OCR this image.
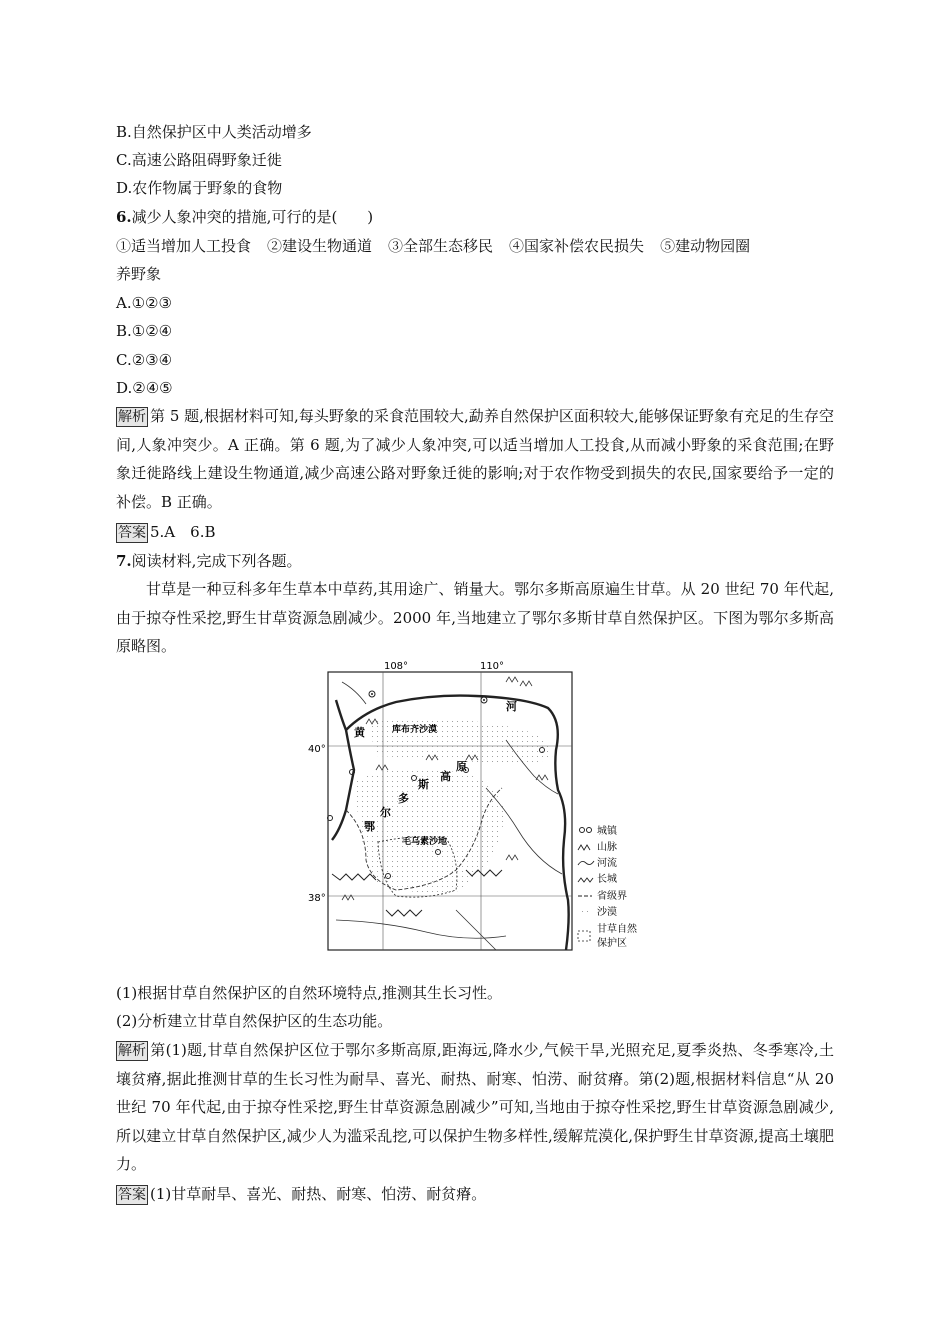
B.自然保护区中人类活动增多
C.高速公路阻碍野象迁徙
D.农作物属于野象的食物
6.减少人象冲突的措施,可行的是(　　)
①适当增加人工投食 ②建设生物通道 ③全部生态移民 ④国家补偿农民损失 ⑤建动物园圈
养野象
A.①②③
B.①②④
C.②③④
D.②④⑤
解析 第 5 题,根据材料可知,每头野象的采食范围较大,勐养自然保护区面积较大,能够保证野象有充足的生存空间,人象冲突少。A 正确。第 6 题,为了减少人象冲突,可以适当增加人工投食,从而减小野象的采食范围;在野象迁徙路线上建设生物通道,减少高速公路对野象迁徙的影响;对于农作物受到损失的农民,国家要给予一定的补偿。B 正确。
答案 5.A　6.B
7.阅读材料,完成下列各题。
甘草是一种豆科多年生草本中草药,其用途广、销量大。鄂尔多斯高原遍生甘草。从 20 世纪 70 年代起,由于掠夺性采挖,野生甘草资源急剧减少。2000 年,当地建立了鄂尔多斯甘草自然保护区。下图为鄂尔多斯高原略图。
108°	110°
40°
38°
黄
河
库布齐沙漠
毛乌素沙地
鄂
尔
多
斯
高
原
城镇
山脉
河流
长城
省级界
沙漠
甘草自然
保护区
(1)根据甘草自然保护区的自然环境特点,推测其生长习性。
(2)分析建立甘草自然保护区的生态功能。
解析 第(1)题,甘草自然保护区位于鄂尔多斯高原,距海远,降水少,气候干旱,光照充足,夏季炎热、冬季寒冷,土壤贫瘠,据此推测甘草的生长习性为耐旱、喜光、耐热、耐寒、怕涝、耐贫瘠。第(2)题,根据材料信息“从 20 世纪 70 年代起,由于掠夺性采挖,野生甘草资源急剧减少”可知,当地由于掠夺性采挖,野生甘草资源急剧减少,所以建立甘草自然保护区,减少人为滥采乱挖,可以保护生物多样性,缓解荒漠化,保护野生甘草资源,提高土壤肥力。
答案 (1)甘草耐旱、喜光、耐热、耐寒、怕涝、耐贫瘠。
